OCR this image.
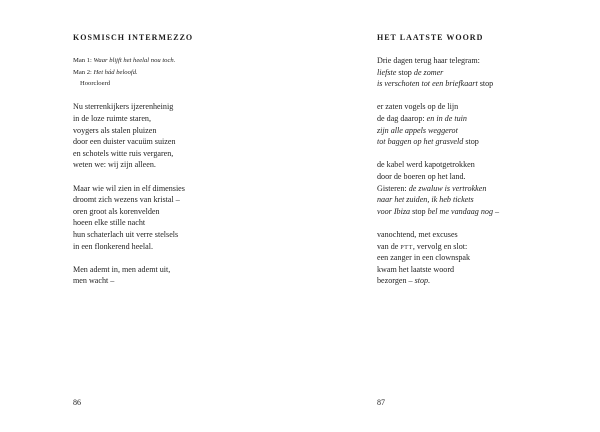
KOSMISCH INTERMEZZO
Man 1: Waar blijft het heelal nou toch.
Man 2: Het hád beloofd.
Hoorcloerd
Nu sterrenkijkers ijzerenheinig
in de loze ruimte staren,
voygers als stalen pluizen
door een duister vacuüm suizen
en schotels witte ruis vergaren,
weten we: wij zijn alleen.
Maar wie wil zien in elf dimensies
droomt zich wezens van kristal –
oren groot als korenvelden
hoeen elke stille nacht
hun schaterlach uit verre stelsels
in een flonkerend heelal.
Men ademt in, men ademt uit,
men wacht –
86
HET LAATSTE WOORD
Drie dagen terug haar telegram:
liefste stop de zomer
is verschoten tot een briefkaart stop
er zaten vogels op de lijn
de dag daarop: en in de tuin
zijn alle appels weggerot
tot baggen op het grasveld stop
de kabel werd kapotgetrokken
door de boeren op het land.
Gisteren: de zwaluw is vertrokken
naar het zuiden, ik heb tickets
voor Ibiza stop bel me vandaag nog –
vanochtend, met excuses
van de PTT, vervolg en slot:
een zanger in een clownspak
kwam het laatste woord
bezorgen – stop.
87
